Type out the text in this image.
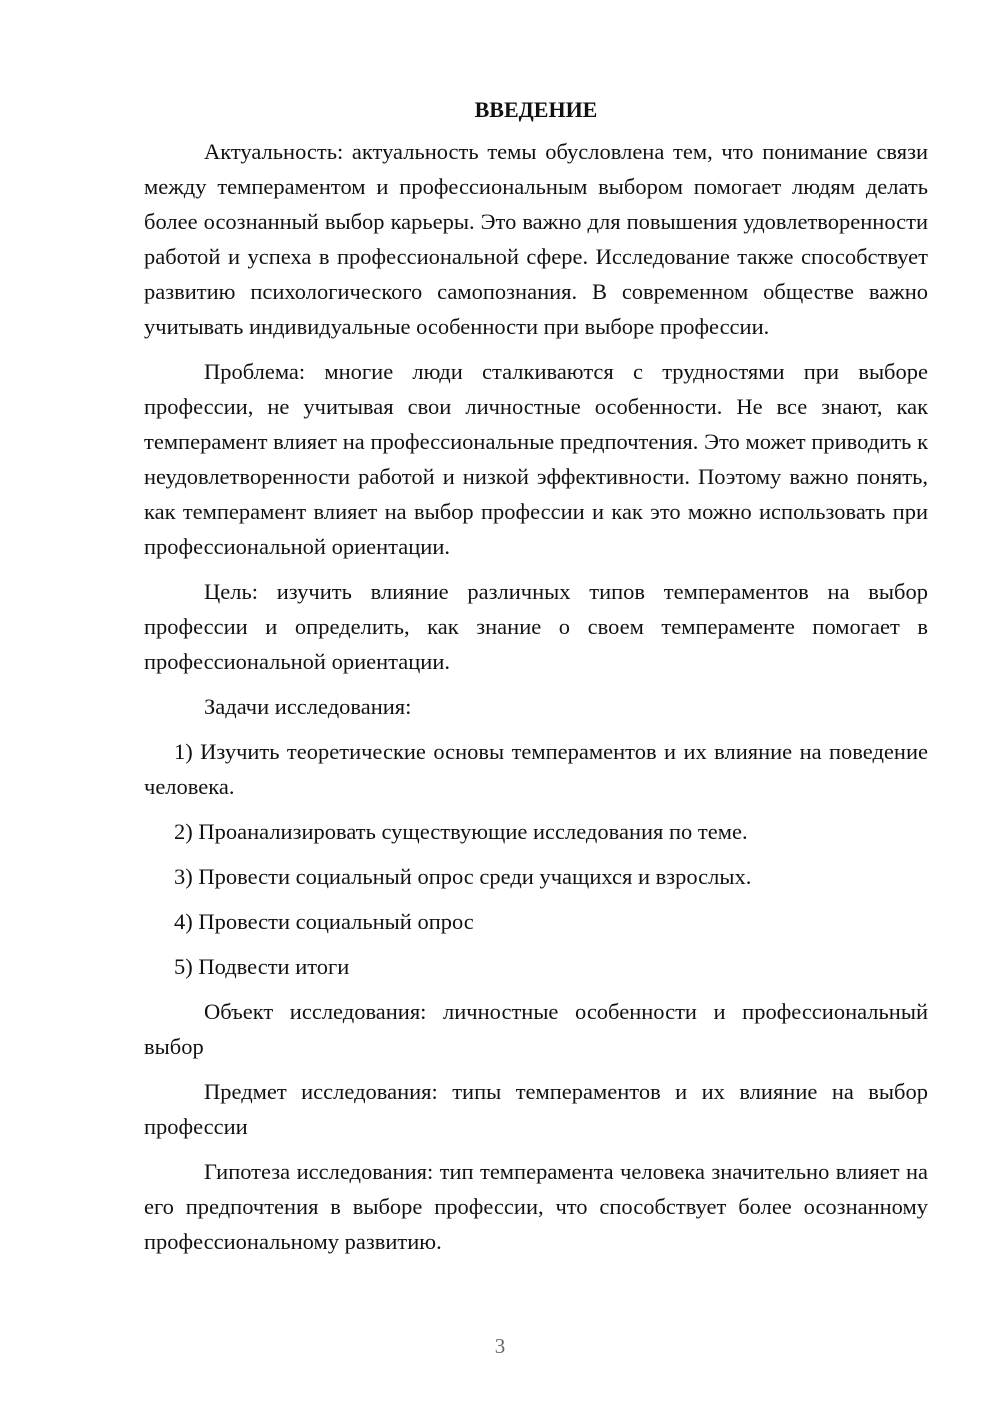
ВВЕДЕНИЕ

Актуальность: актуальность темы обусловлена тем, что понимание связи между темпераментом и профессиональным выбором помогает людям делать более осознанный выбор карьеры. Это важно для повышения удовлетворенности работой и успеха в профессиональной сфере. Исследование также способствует развитию психологического самопознания. В современном обществе важно учитывать индивидуальные особенности при выборе профессии.

Проблема: многие люди сталкиваются с трудностями при выборе профессии, не учитывая свои личностные особенности. Не все знают, как темперамент влияет на профессиональные предпочтения. Это может приводить к неудовлетворенности работой и низкой эффективности. Поэтому важно понять, как темперамент влияет на выбор профессии и как это можно использовать при профессиональной ориентации.

Цель: изучить влияние различных типов темпераментов на выбор профессии и определить, как знание о своем темпераменте помогает в профессиональной ориентации.

Задачи исследования:

1) Изучить теоретические основы темпераментов и их влияние на поведение человека.

2) Проанализировать существующие исследования по теме.

3) Провести социальный опрос среди учащихся и взрослых.

4) Провести социальный опрос

5) Подвести итоги

Объект исследования: личностные особенности и профессиональный выбор

Предмет исследования: типы темпераментов и их влияние на выбор профессии

Гипотеза исследования: тип темперамента человека значительно влияет на его предпочтения в выборе профессии, что способствует более осознанному профессиональному развитию.

3
